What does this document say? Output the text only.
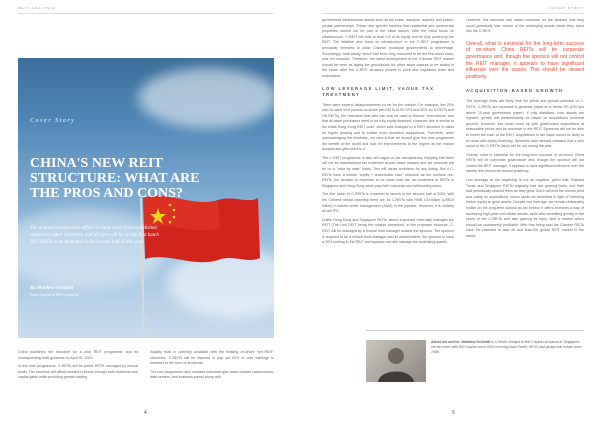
REIT ANALYSIS	COVER STORY
Cover Story
CHINA'S NEW REIT STRUCTURE: WHAT ARE THE PROS AND CONS?
The announced structure differs in many ways from established regimes in other countries, and all eyes will be on the first batch of C-REITs to be launched in the second half of this year.
By Matthew Schmidt
Senior Analyst at B&I Capital Ltd

China published the structure for a pilot REIT programme and its corresponding draft guidance on April 30, 2020.

In this new programme, C-REITs will be public REITs managed by mutual funds. The structure will afford investors returns through both dividends and capital gains while providing greater trading

liquidity than is currently available with the existing on-shore "pre-REIT" structures. C-REITs will be required to pay out 90% of core earnings to investors in the form of dividends.

The new programme also includes industrial-type asset classes (warehouses, data centers, and business parks) along with

government infrastructure assets such as toll roads, transport, airports, and public-private partnerships. These new specific mention that residential and commercial properties should not be part of the initial launch. With the initial focus on infrastructure, C-REIT will hold at least 1/3 of its equity and be fully pooled by the REIT. The initiative and focus on infrastructure in the C-REIT programme is principally intended to allow Chinese municipal governments to deleverage. Surprisingly, multi-family, which had been long rumoured to be the first asset class, was not included. Therefore, the latest development of the Chinese REIT market should be seen as laying the groundwork for other asset classes to be added in the future after the C-REIT structure proves to work and regulators learn and understand.

LOW LEVERAGE LIMIT, VAGUE TAX TREATMENT

There were several disappointments so far for the market. For example, the 20% loan to value limit (versus on-shore pre-REITs at 50-70% and 50% for S-REITs and HK-REITs), the restriction that debt can only be used to finance "renovations" and that all asset purchases need to be fully equity financed. However, this is similar to the initial Hong Kong REIT code, which was changed to a REIT structure to allow for higher gearing and to enable more accretive acquisitions. Therefore, while acknowledging the shortfalls, our view is that we should give this new programme the benefit of the doubt and look for improvements to the regime as the market accepts and gets used to it.

The C-REIT programme is also still vague on tax transparency, implying that there will not be standardised tax treatment across asset classes and tax amounts will be on a "case by case" basis. This will cause confusion for any listing. But if C-REITs have a similar "equity + shareholder loan" structure as the onshore pre-REITs, the taxation is expected to be lower than the tax treatment of REITs in Singapore and Hong Kong which pay both corporate and withholding taxes.

The first batch of C-REITs is expected to launch in the second half of 2020, with the Chinese media reporting there are 14 C-REITs with RMB 134 billion (US$19 billion) in assets under management (AUM) in the pipeline. However, it is unlikely all will IPO.

Unlike Hong Kong and Singapore REITs, where a sponsor externally manages the REIT (The Link REIT being the notable exception), in the proposed structure, C-REIT will be managed by a mutual fund manager outside the sponsor. The sponsor is required to be a mutual fund manager and its shareholders, the sponsor to have a 20% holding in the REIT and appears can still manage the underlying assets.

However, this structure has raised concerns for the sponsor that they could potentially lose control of the underlying assets which they inject into the C-REIT.

Overall, what is essential for the long-term success of on-shore China REITs will be corporate governance and, though the sponsor will not control the REIT manager, it appears to have significant influence over the assets. This should be viewed positively.

ACQUISITION-BASED GROWTH

The leverage limits will likely limit the yields and growth potential of C-REITs. C-REITs are expected to generate yields at or below 5% (200 bps above 10-year government paper). If only stabilised, core assets are injected, growth will predominantly be based on acquisitions (external growth). However, this could come up with government acquisitions at reasonable prices and be accretive to the REIT. Sponsors will not be able to invest the cash of the REIT. Acquisitions in fair value would be likely to be done with equity financing. Sponsors have already released that a new round of the C-REITs (land) will be out during the year.

Overall, what is essential for the long-term success of on-shore China REITs will be corporate governance and, though the sponsor will not control the REIT manager, it appears to have significant influence over the assets; this should be viewed positively.

Low leverage at the beginning is not all negative, given that Thailand Trusts and Singapore REITs originally had low gearing limits, and both had periodically relaxed them as they grew. But it will limit the overall yield and clarity on acquisitions, which would be beneficial in light of investing further equity to grow assets. Despite low leverage, we remain reasonably bullish on the long-term outlook as we believe it offers investors a way of accessing high-yield real estate assets, while also benefiting greatly in the years of the C-REITs and also gaining its early, with a market which should be consistently profitable. With that being said the Chinese REITs have the potential to take off and lead the global REIT market in the future.

About the author: Matthew Schmidt is a Senior Analyst at B&I Capital Ltd based in Singapore. He has been with B&I Capital since 2010 covering Asia-Pacific REITs and global real estate since 1998.
4	5
